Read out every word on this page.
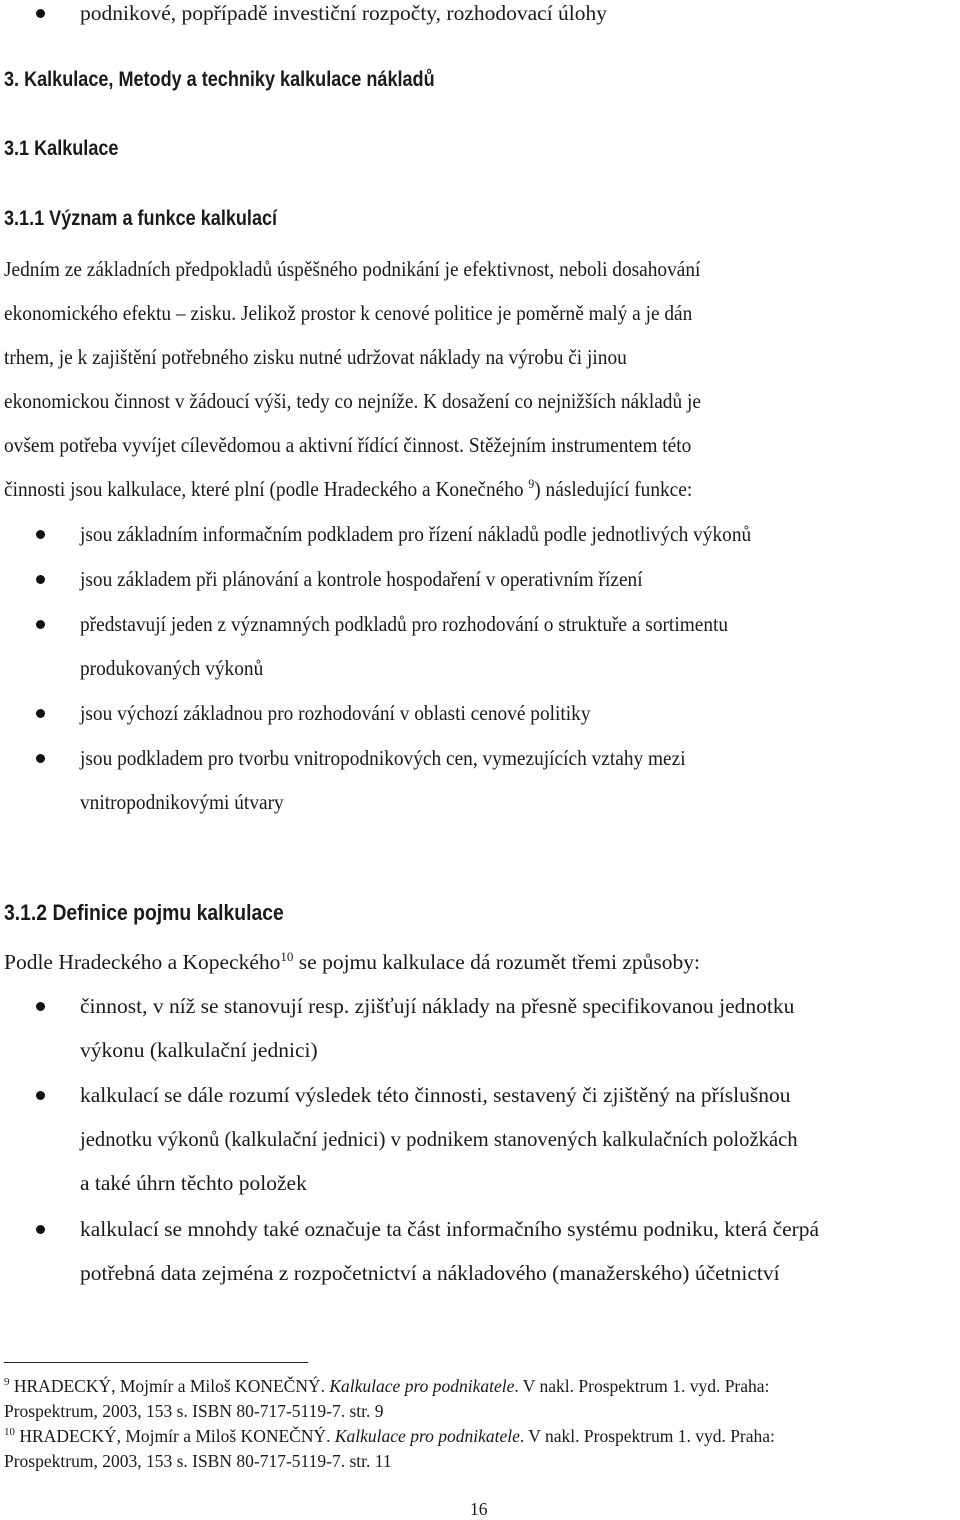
podnikové, popřípadě investiční rozpočty, rozhodovací úlohy
3. Kalkulace, Metody a techniky kalkulace nákladů
3.1 Kalkulace
3.1.1 Význam a funkce kalkulací
Jedním ze základních předpokladů úspěšného podnikání je efektivnost, neboli dosahování
ekonomického efektu – zisku. Jelikož prostor k cenové politice je poměrně malý a je dán
trhem, je k zajištění potřebného zisku nutné udržovat náklady na výrobu či jinou
ekonomickou činnost v žádoucí výši, tedy co nejníže. K dosažení co nejnižších nákladů je
ovšem potřeba vyvíjet cílevědomou a aktivní řídící činnost. Stěžejním instrumentem této
činnosti jsou kalkulace, které plní (podle Hradeckého a Konečného $^9$) následující funkce:
jsou základním informačním podkladem pro řízení nákladů podle jednotlivých výkonů
jsou základem při plánování a kontrole hospodaření v operativním řízení
představují jeden z významných podkladů pro rozhodování o struktuře a sortimentu
produkovaných výkonů
jsou výchozí základnou pro rozhodování v oblasti cenové politiky
jsou podkladem pro tvorbu vnitropodnikových cen, vymezujících vztahy mezi
vnitropodnikovými útvary
3.1.2 Definice pojmu kalkulace
Podle Hradeckého a Kopeckého$^{10}$ se pojmu kalkulace dá rozumět třemi způsoby:
činnost, v níž se stanovují resp. zjišťují náklady na přesně specifikovanou jednotku
výkonu (kalkulační jednici)
kalkulací se dále rozumí výsledek této činnosti, sestavený či zjištěný na příslušnou
jednotku výkonů (kalkulační jednici) v podnikem stanovených kalkulačních položkách
a také úhrn těchto položek
kalkulací se mnohdy také označuje ta část informačního systému podniku, která čerpá
potřebná data zejména z rozpočetnictví a nákladového (manažerského) účetnictví
$^9$ HRADECKÝ, Mojmír a Miloš KONEČNÝ. Kalkulace pro podnikatele. V nakl. Prospektrum 1. vyd. Praha:
Prospektrum, 2003, 153 s. ISBN 80-717-5119-7. str. 9
$^{10}$ HRADECKÝ, Mojmír a Miloš KONEČNÝ. Kalkulace pro podnikatele. V nakl. Prospektrum 1. vyd. Praha:
Prospektrum, 2003, 153 s. ISBN 80-717-5119-7. str. 11
16
